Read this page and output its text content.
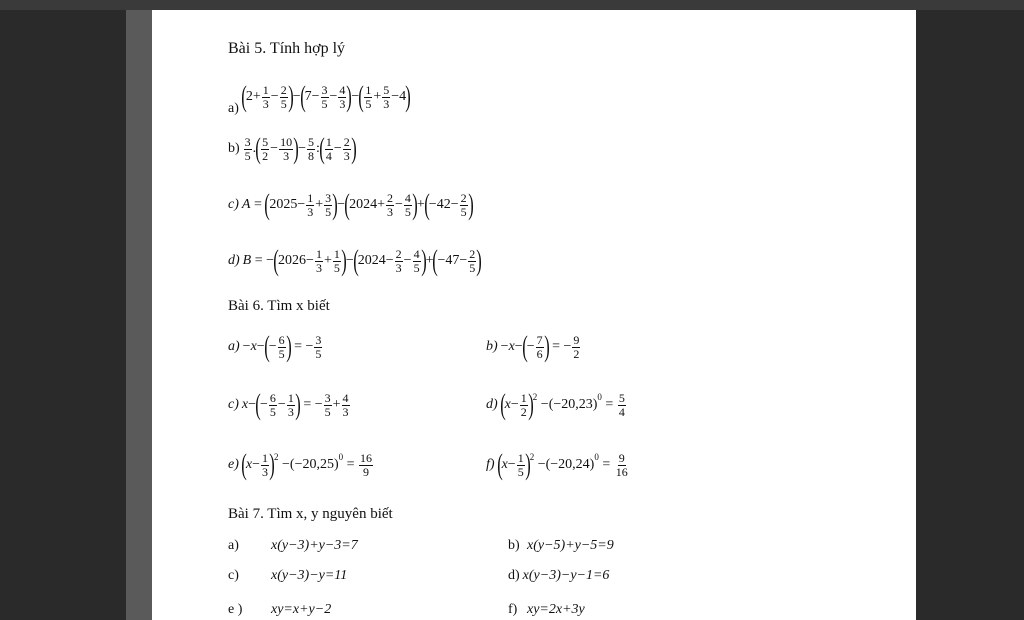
Bài 5. Tính hợp lý
a) ( $2+ \frac{1}{3} - \frac{2}{5}$ ) − ( $7- \frac{3}{5} - \frac{4}{3}$ ) − ( $\frac{1}{5} + \frac{5}{3} -4$ )
$b) \frac{3}{5}$ . ( $\frac{5}{2} - \frac{10}{3}$ ) − $\frac{5}{8}$ : ( $\frac{1}{4} - \frac{2}{3}$ )
c) A = ( $2025- \frac{1}{3} + \frac{3}{5}$ ) − ( $2024+ \frac{2}{3} - \frac{4}{5}$ ) + ( $-42- \frac{2}{5}$ )
d) B = − ( $2026- \frac{1}{3} + \frac{1}{5}$ ) − ( $2024- \frac{2}{3} - \frac{4}{5}$ ) + ( $-47- \frac{2}{5}$ )
Bài 6. Tìm x biết
a) − x − ( − $\frac{6}{5}$ ) = − $\frac{3}{5}$	b) − x − ( − $\frac{7}{6}$ ) = − $\frac{9}{2}$
c) x − ( − $\frac{6}{5} - \frac{1}{3}$ ) = − $\frac{3}{5} + \frac{4}{3}$	d) ( $x - \frac{1}{2}$ ) 2 −(−20,23) $0 = \frac{5}{4}$
e) ( $x - \frac{1}{3}$ ) 2 −(−20,25) $0 = \frac{16}{9}$	f) ( $x - \frac{1}{5}$ ) 2 −(−20,24) $0 = \frac{9}{16}$
Bài 7. Tìm x, y nguyên biết
a)	x(y−3)+y−3=7	b) x(y−5)+y−5=9
c)	x(y−3)−y=11	d) x(y−3)−y−1=6
e )	xy=x+y−2	f) xy=2x+3y
